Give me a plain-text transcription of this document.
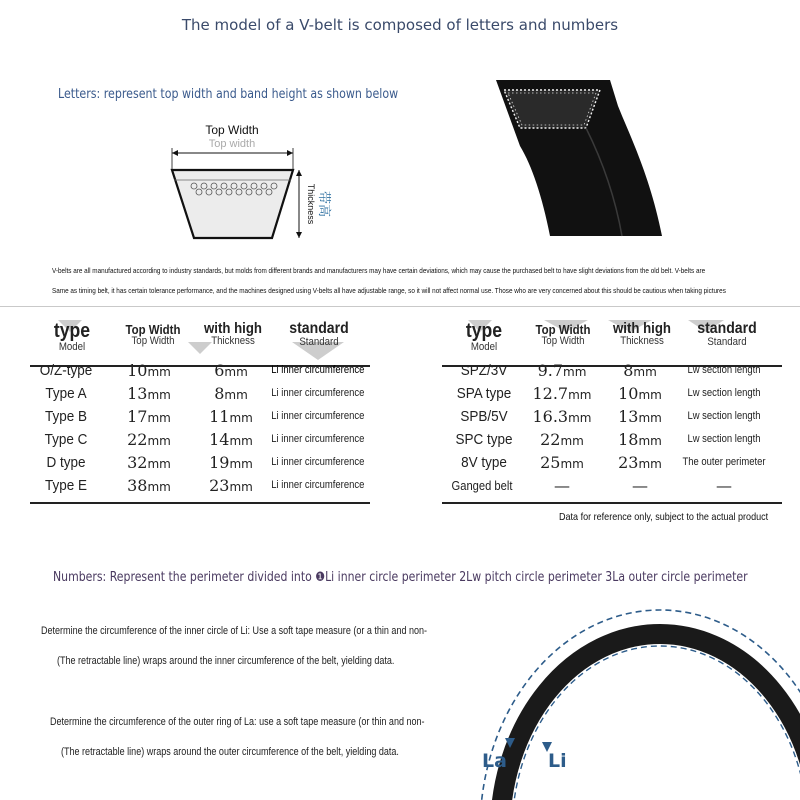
The model of a V-belt is composed of letters and numbers
Letters: represent top width and band height as shown below
Top Width
Top width
Thickness 带高
V-belts are all manufactured according to industry standards, but molds from different brands and manufacturers may have certain deviations, which may cause the purchased belt to have slight deviations from the old belt. V-belts are
Same as timing belt, it has certain tolerance performance, and the machines designed using V-belts all have adjustable range, so it will not affect normal use. Those who are very concerned about this should be cautious when taking pictures
type
Model
Top Width
Top Width
with high
Thickness
standard
Standard
O/Z-type	10mm	6mm	Li inner circumference
Type A	13mm	8mm	Li inner circumference
Type B	17mm	11mm	Li inner circumference
Type C	22mm	14mm	Li inner circumference
D type	32mm	19mm	Li inner circumference
Type E	38mm	23mm	Li inner circumference
type
Model
Top Width
Top Width
with high
Thickness
standard
Standard
SPZ/3V	9.7mm	8mm	Lw section length
SPA type	12.7mm	10mm	Lw section length
SPB/5V	16.3mm	13mm	Lw section length
SPC type	22mm	18mm	Lw section length
8V type	25mm	23mm	The outer perimeter
Ganged belt	—	—	—
Data for reference only, subject to the actual product
Numbers: Represent the perimeter divided into ❶Li inner circle perimeter 2Lw pitch circle perimeter 3La outer circle perimeter
Determine the circumference of the inner circle of Li: Use a soft tape measure (or a thin and non-
(The retractable line) wraps around the inner circumference of the belt, yielding data.
Determine the circumference of the outer ring of La: use a soft tape measure (or thin and non-
(The retractable line) wraps around the outer circumference of the belt, yielding data.	La Li
